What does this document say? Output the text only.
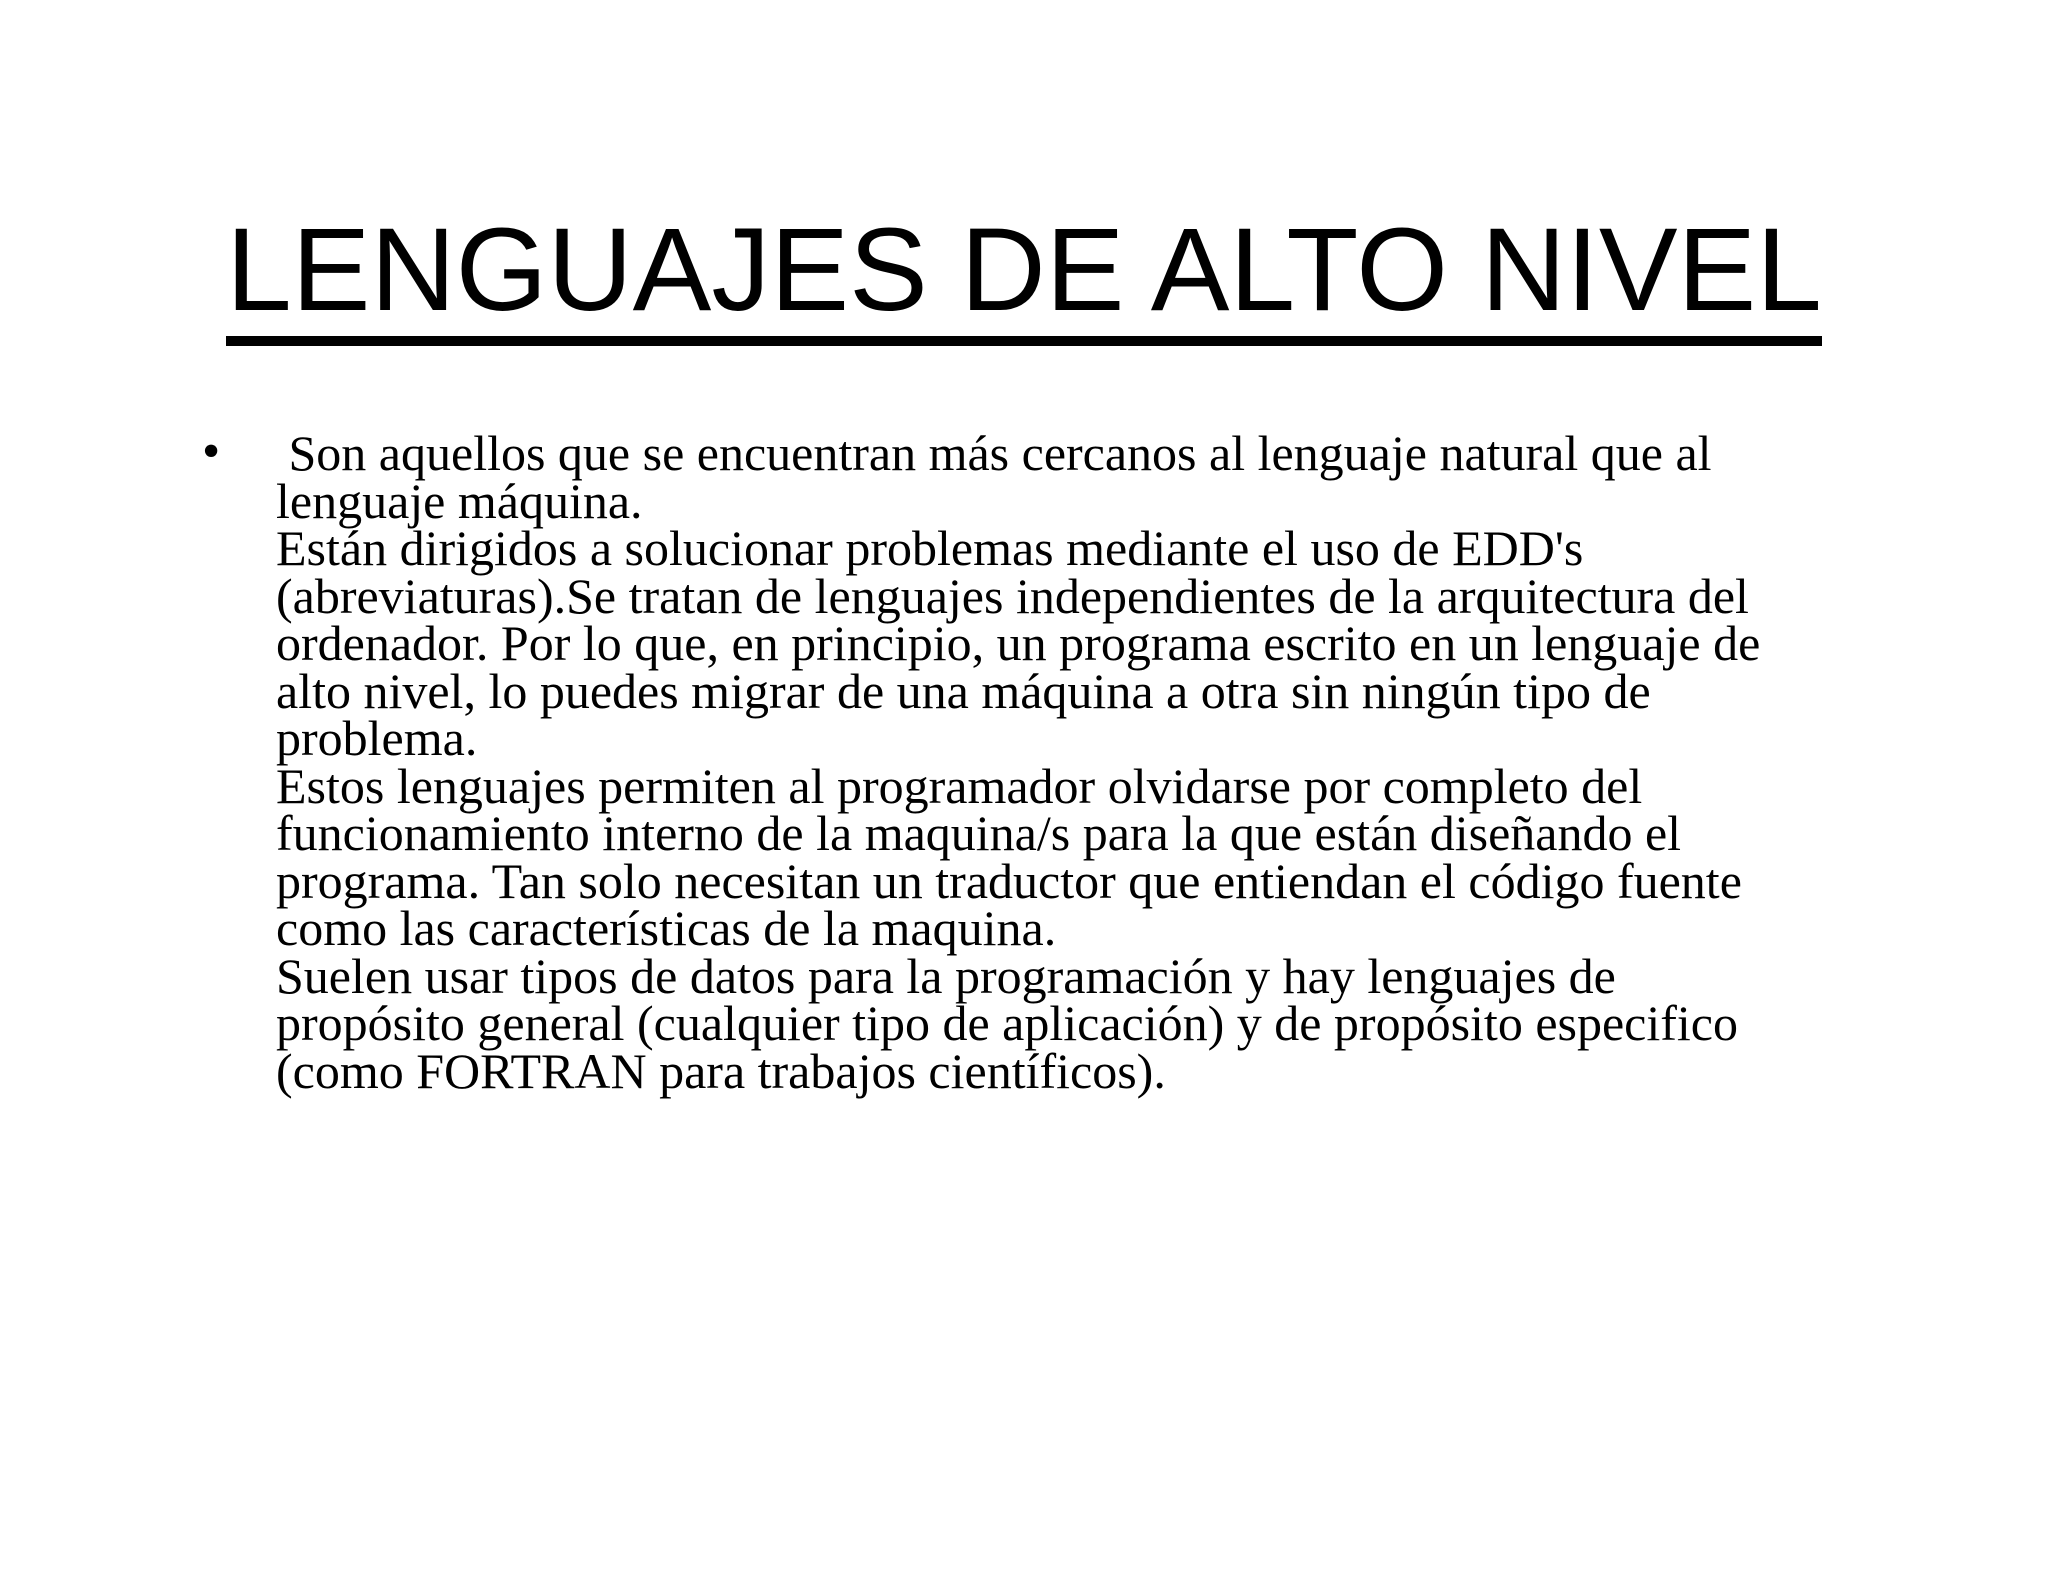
LENGUAJES DE ALTO NIVEL
• Son aquellos que se encuentran más cercanos al lenguaje natural que al
lenguaje máquina.
Están dirigidos a solucionar problemas mediante el uso de EDD's
(abreviaturas).Se tratan de lenguajes independientes de la arquitectura del
ordenador. Por lo que, en principio, un programa escrito en un lenguaje de
alto nivel, lo puedes migrar de una máquina a otra sin ningún tipo de
problema.
Estos lenguajes permiten al programador olvidarse por completo del
funcionamiento interno de la maquina/s para la que están diseñando el
programa. Tan solo necesitan un traductor que entiendan el código fuente
como las características de la maquina.
Suelen usar tipos de datos para la programación y hay lenguajes de
propósito general (cualquier tipo de aplicación) y de propósito especifico
(como FORTRAN para trabajos científicos).
